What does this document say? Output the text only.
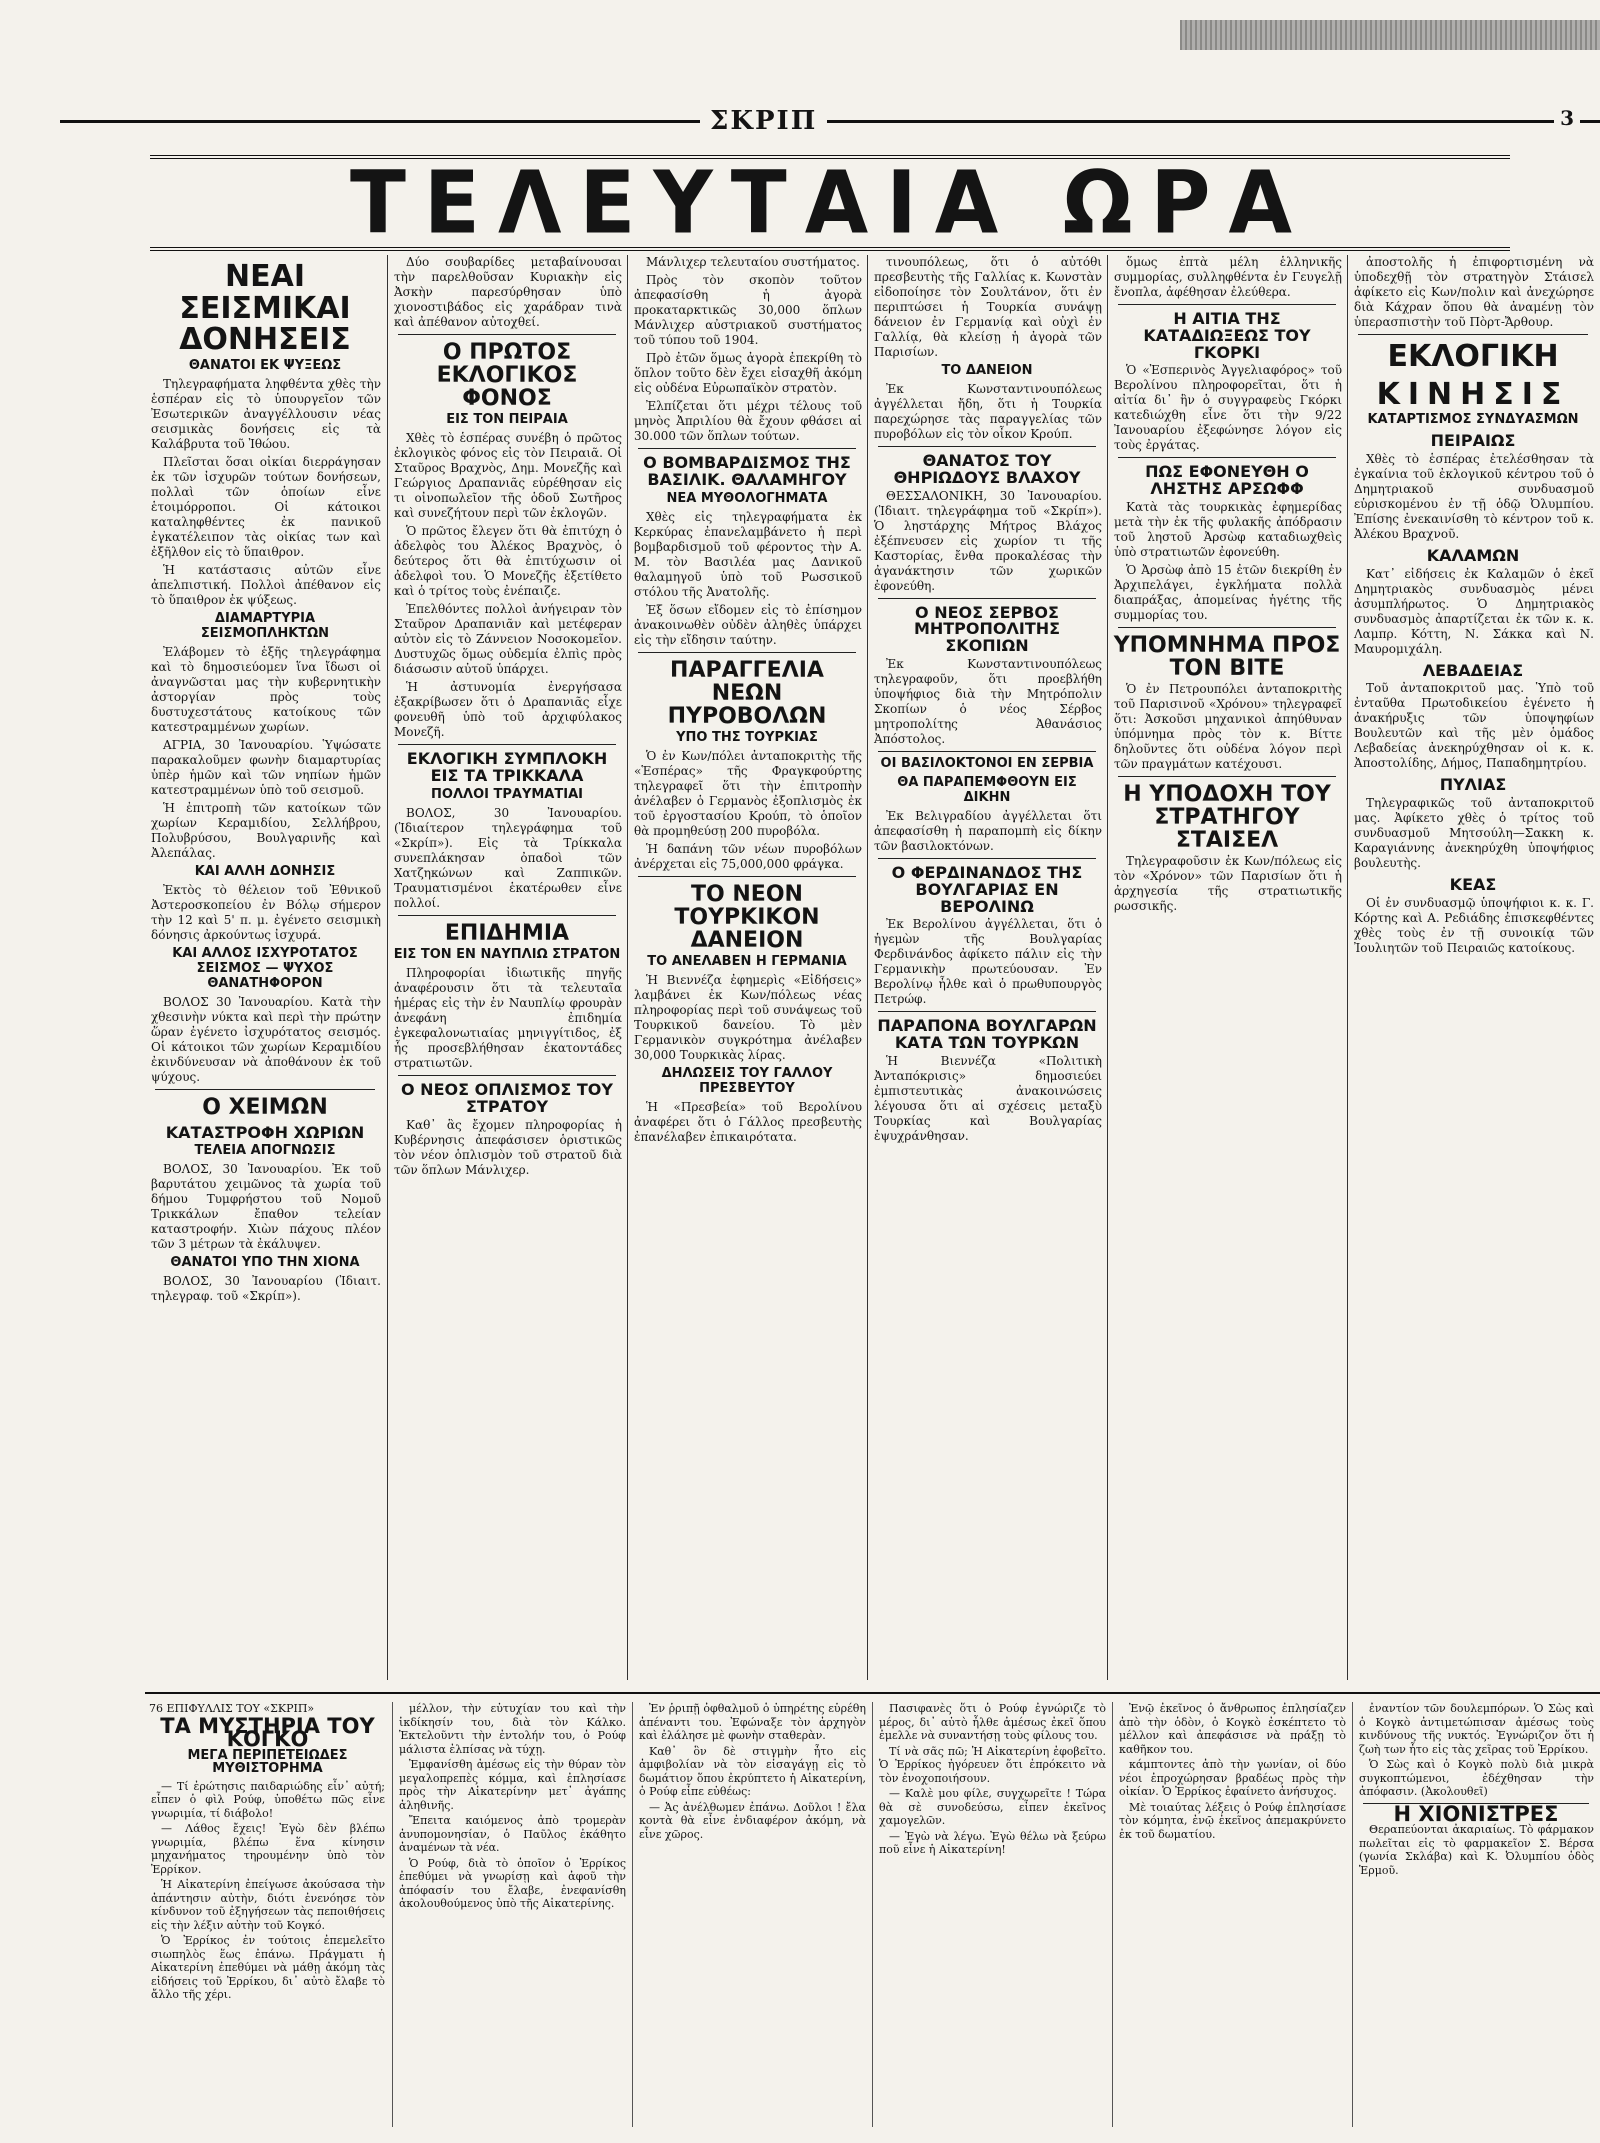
ΣΚΡΙΠ	3
ΤΕΛΕΥΤΑΙΑ ΩΡΑ
ΝΕΑΙ ΣΕΙΣΜΙΚΑΙ ΔΟΝΗΣΕΙΣ
ΘΑΝΑΤΟΙ ΕΚ ΨΥΞΕΩΣ

Τηλεγραφήματα ληφθέντα χθὲς τὴν ἑσπέραν εἰς τὸ ὑπουργεῖον τῶν Ἐσωτερικῶν ἀναγγέλλουσιν νέας σεισμικὰς δονήσεις εἰς τὰ Καλάβρυτα τοῦ Ἰθώου.

Πλεῖσται ὅσαι οἰκίαι διερράγησαν ἐκ τῶν ἰσχυρῶν τούτων δονήσεων, πολλαὶ τῶν ὁποίων εἶνε ἑτοιμόρροποι. Οἱ κάτοικοι καταληφθέντες ἐκ πανικοῦ ἐγκατέλειπον τὰς οἰκίας των καὶ ἐξῆλθον εἰς τὸ ὕπαιθρον.

Ἡ κατάστασις αὐτῶν εἶνε ἀπελπιστική. Πολλοὶ ἀπέθανον εἰς τὸ ὕπαιθρον ἐκ ψύξεως.

ΔΙΑΜΑΡΤΥΡΙΑ ΣΕΙΣΜΟΠΛΗΚΤΩΝ

Ἐλάβομεν τὸ ἑξῆς τηλεγράφημα καὶ τὸ δημοσιεύομεν ἵνα ἴδωσι οἱ ἀναγνῶσται μας τὴν κυβερνητικὴν ἀστοργίαν πρὸς τοὺς δυστυχεστάτους κατοίκους τῶν κατεστραμμένων χωρίων.

ΑΓΡΙΑ, 30 Ἰανουαρίου. Ὑψώσατε παρακαλοῦμεν φωνὴν διαμαρτυρίας ὑπὲρ ἡμῶν καὶ τῶν νηπίων ἡμῶν κατεστραμμένων ὑπὸ τοῦ σεισμοῦ.

Ἡ ἐπιτροπὴ τῶν κατοίκων τῶν χωρίων Κεραμιδίου, Σελλήβρου, Πολυβρύσου, Βουλγαρινῆς καὶ Ἀλεπάλας.

ΚΑΙ ΑΛΛΗ ΔΟΝΗΣΙΣ

Ἐκτὸς τὸ θέλειον τοῦ Ἐθνικοῦ Ἀστεροσκοπείου ἐν Βόλῳ σήμερον τὴν 12 καὶ 5' π. μ. ἐγένετο σεισμικὴ δόνησις ἀρκούντως ἰσχυρά.

ΚΑΙ ΑΛΛΟΣ ΙΣΧΥΡΟΤΑΤΟΣ ΣΕΙΣΜΟΣ — ΨΥΧΟΣ ΘΑΝΑΤΗΦΟΡΟΝ

ΒΟΛΟΣ 30 Ἰανουαρίου. Κατὰ τὴν χθεσινὴν νύκτα καὶ περὶ τὴν πρώτην ὥραν ἐγένετο ἰσχυρότατος σεισμός. Οἱ κάτοικοι τῶν χωρίων Κεραμιδίου ἐκινδύνευσαν νὰ ἀποθάνουν ἐκ τοῦ ψύχους.

Ο ΧΕΙΜΩΝ
ΚΑΤΑΣΤΡΟΦΗ ΧΩΡΙΩΝ
ΤΕΛΕΙΑ ΑΠΟΓΝΩΣΙΣ

ΒΟΛΟΣ, 30 Ἰανουαρίου. Ἐκ τοῦ βαρυτάτου χειμῶνος τὰ χωρία τοῦ δήμου Τυμφρήστου τοῦ Νομοῦ Τρικκάλων ἔπαθον τελείαν καταστροφήν. Χιὼν πάχους πλέον τῶν 3 μέτρων τὰ ἐκάλυψεν.

ΘΑΝΑΤΟΙ ΥΠΟ ΤΗΝ ΧΙΟΝΑ

ΒΟΛΟΣ, 30 Ἰανουαρίου (Ἰδιαιτ. τηλεγραφ. τοῦ «Σκρίπ»).

Δύο σουβαρίδες μεταβαίνουσαι τὴν παρελθοῦσαν Κυριακὴν εἰς Ἀσκὴν παρεσύρθησαν ὑπὸ χιονοστιβάδος εἰς χαράδραν τινὰ καὶ ἀπέθανον αὐτοχθεί.

Ο ΠΡΩΤΟΣ ΕΚΛΟΓΙΚΟΣ ΦΟΝΟΣ
ΕΙΣ ΤΟΝ ΠΕΙΡΑΙΑ

Χθὲς τὸ ἑσπέρας συνέβη ὁ πρῶτος ἐκλογικὸς φόνος εἰς τὸν Πειραιᾶ. Οἱ Σταῦρος Βραχνὸς, Δημ. Μονεζῆς καὶ Γεώργιος Δραπανιᾶς εὑρέθησαν εἰς τι οἰνοπωλεῖον τῆς ὁδοῦ Σωτῆρος καὶ συνεζήτουν περὶ τῶν ἐκλογῶν.

Ὁ πρῶτος ἔλεγεν ὅτι θὰ ἐπιτύχη ὁ ἀδελφὸς του Ἀλέκος Βραχνὸς, ὁ δεύτερος ὅτι θὰ ἐπιτύχωσιν οἱ ἀδελφοὶ του. Ὁ Μονεζῆς ἐξετίθετο καὶ ὁ τρίτος τοὺς ἐνέπαιζε.

Ἐπελθόντες πολλοὶ ἀνήγειραν τὸν Σταῦρον Δραπανιᾶν καὶ μετέφεραν αὐτὸν εἰς τὸ Ζάννειον Νοσοκομεῖον. Δυστυχῶς ὅμως οὐδεμία ἐλπὶς πρὸς διάσωσιν αὐτοῦ ὑπάρχει.

Ἡ ἀστυνομία ἐνεργήσασα ἐξακρίβωσεν ὅτι ὁ Δραπανιᾶς εἶχε φονευθῆ ὑπὸ τοῦ ἀρχιφύλακος Μονεζῆ.

ΕΚΛΟΓΙΚΗ ΣΥΜΠΛΟΚΗ ΕΙΣ ΤΑ ΤΡΙΚΚΑΛΑ
ΠΟΛΛΟΙ ΤΡΑΥΜΑΤΙΑΙ

ΒΟΛΟΣ, 30 Ἰανουαρίου. (Ἰδιαίτερον τηλεγράφημα τοῦ «Σκρίπ»). Εἰς τὰ Τρίκκαλα συνεπλάκησαν ὀπαδοὶ τῶν Χατζηκώνων καὶ Ζαππικῶν. Τραυματισμένοι ἑκατέρωθεν εἶνε πολλοί.

ΕΠΙΔΗΜΙΑ
ΕΙΣ ΤΟΝ ΕΝ ΝΑΥΠΛΙΩ ΣΤΡΑΤΟΝ

Πληροφορίαι ἰδιωτικῆς πηγῆς ἀναφέρουσιν ὅτι τὰ τελευταῖα ἡμέρας εἰς τὴν ἐν Ναυπλίῳ φρουρὰν ἀνεφάνη ἐπιδημία ἐγκεφαλονωτιαίας μηνιγγίτιδος, ἐξ ἧς προσεβλήθησαν ἑκατοντάδες στρατιωτῶν.

Ο ΝΕΟΣ ΟΠΛΙΣΜΟΣ ΤΟΥ ΣΤΡΑΤΟΥ

Καθ᾽ ἃς ἔχομεν πληροφορίας ἡ Κυβέρνησις ἀπεφάσισεν ὁριστικῶς τὸν νέον ὁπλισμὸν τοῦ στρατοῦ διὰ τῶν ὅπλων Μάνλιχερ.

Μάνλιχερ τελευταίου συστήματος.

Πρὸς τὸν σκοπὸν τοῦτον ἀπεφασίσθη ἡ ἀγορὰ προκαταρκτικῶς 30,000 ὅπλων Μάνλιχερ αὐστριακοῦ συστήματος τοῦ τύπου τοῦ 1904.

Πρὸ ἐτῶν ὅμως ἀγορὰ ἐπεκρίθη τὸ ὅπλον τοῦτο δὲν ἔχει εἰσαχθῆ ἀκόμη εἰς οὐδένα Εὐρωπαϊκὸν στρατὸν.

Ἐλπίζεται ὅτι μέχρι τέλους τοῦ μηνὸς Ἀπριλίου θὰ ἔχουν φθάσει αἱ 30.000 τῶν ὅπλων τούτων.

Ο ΒΟΜΒΑΡΔΙΣΜΟΣ ΤΗΣ ΒΑΣΙΛΙΚ. ΘΑΛΑΜΗΓΟΥ
ΝΕΑ ΜΥΘΟΛΟΓΗΜΑΤΑ

Χθὲς εἰς τηλεγραφήματα ἐκ Κερκύρας ἐπανελαμβάνετο ἡ περὶ βομβαρδισμοῦ τοῦ φέροντος τὴν Α. Μ. τὸν Βασιλέα μας Δανικοῦ θαλαμηγοῦ ὑπὸ τοῦ Ρωσσικοῦ στόλου τῆς Ἀνατολῆς.

Ἐξ ὅσων εἴδομεν εἰς τὸ ἐπίσημον ἀνακοινωθὲν οὐδὲν ἀληθὲς ὑπάρχει εἰς τὴν εἴδησιν ταύτην.

ΠΑΡΑΓΓΕΛΙΑ ΝΕΩΝ ΠΥΡΟΒΟΛΩΝ
ΥΠΟ ΤΗΣ ΤΟΥΡΚΙΑΣ

Ὁ ἐν Κων/πόλει ἀνταποκριτὴς τῆς «Ἑσπέρας» τῆς Φραγκφούρτης τηλεγραφεῖ ὅτι τὴν ἐπιτροπὴν ἀνέλαβεν ὁ Γερμανὸς ἐξοπλισμὸς ἐκ τοῦ ἐργοστασίου Κρούπ, τὸ ὁποῖον θὰ προμηθεύσῃ 200 πυροβόλα.

Ἡ δαπάνη τῶν νέων πυροβόλων ἀνέρχεται εἰς 75,000,000 φράγκα.

ΤΟ ΝΕΟΝ ΤΟΥΡΚΙΚΟΝ ΔΑΝΕΙΟΝ
ΤΟ ΑΝΕΛΑΒΕΝ Η ΓΕΡΜΑΝΙΑ

Ἡ Βιεννέζα ἐφημερὶς «Εἰδήσεις» λαμβάνει ἐκ Κων/πόλεως νέας πληροφορίας περὶ τοῦ συνάψεως τοῦ Τουρκικοῦ δανείου. Τὸ μὲν Γερμανικὸν συγκρότημα ἀνέλαβεν 30,000 Τουρκικὰς λίρας.

ΔΗΛΩΣΕΙΣ ΤΟΥ ΓΑΛΛΟΥ ΠΡΕΣΒΕΥΤΟΥ

Ἡ «Πρεσβεία» τοῦ Βερολίνου ἀναφέρει ὅτι ὁ Γάλλος πρεσβευτὴς ἐπανέλαβεν ἐπικαιρότατα.

τινουπόλεως, ὅτι ὁ αὐτόθι πρεσβευτὴς τῆς Γαλλίας κ. Κωνστὰν εἰδοποίησε τὸν Σουλτάνον, ὅτι ἐν περιπτώσει ἡ Τουρκία συνάψῃ δάνειον ἐν Γερμανίᾳ καὶ οὐχὶ ἐν Γαλλίᾳ, θὰ κλείσῃ ἡ ἀγορὰ τῶν Παρισίων.

ΤΟ ΔΑΝΕΙΟΝ

Ἐκ Κωνσταντινουπόλεως ἀγγέλλεται ἤδη, ὅτι ἡ Τουρκία παρεχώρησε τὰς παραγγελίας τῶν πυροβόλων εἰς τὸν οἶκον Κρούπ.

ΘΑΝΑΤΟΣ ΤΟΥ ΘΗΡΙΩΔΟΥΣ ΒΛΑΧΟΥ

ΘΕΣΣΑΛΟΝΙΚΗ, 30 Ἰανουαρίου. (Ἰδιαιτ. τηλεγράφημα τοῦ «Σκρίπ»). Ὁ ληστάρχης Μήτρος Βλάχος ἐξέπνευσεν εἰς χωρίον τι τῆς Καστορίας, ἔνθα προκαλέσας τὴν ἀγανάκτησιν τῶν χωρικῶν ἐφονεύθη.

Ο ΝΕΟΣ ΣΕΡΒΟΣ ΜΗΤΡΟΠΟΛΙΤΗΣ ΣΚΟΠΙΩΝ

Ἐκ Κωνσταντινουπόλεως τηλεγραφοῦν, ὅτι προεβλήθη ὑποψήφιος διὰ τὴν Μητρόπολιν Σκοπίων ὁ νέος Σέρβος μητροπολίτης Ἀθανάσιος Ἀπόστολος.

ΟΙ ΒΑΣΙΛΟΚΤΟΝΟΙ ΕΝ ΣΕΡΒΙΑ
ΘΑ ΠΑΡΑΠΕΜΦΘΟΥΝ ΕΙΣ ΔΙΚΗΝ

Ἐκ Βελιγραδίου ἀγγέλλεται ὅτι ἀπεφασίσθη ἡ παραπομπὴ εἰς δίκην τῶν βασιλοκτόνων.

Ο ΦΕΡΔΙΝΑΝΔΟΣ ΤΗΣ ΒΟΥΛΓΑΡΙΑΣ ΕΝ ΒΕΡΟΛΙΝΩ

Ἐκ Βερολίνου ἀγγέλλεται, ὅτι ὁ ἡγεμὼν τῆς Βουλγαρίας Φερδινάνδος ἀφίκετο πάλιν εἰς τὴν Γερμανικὴν πρωτεύουσαν. Ἐν Βερολίνῳ ἦλθε καὶ ὁ πρωθυπουργὸς Πετρώφ.

ΠΑΡΑΠΟΝΑ ΒΟΥΛΓΑΡΩΝ ΚΑΤΑ ΤΩΝ ΤΟΥΡΚΩΝ

Ἡ Βιεννέζα «Πολιτικὴ Ἀνταπόκρισις» δημοσιεύει ἐμπιστευτικὰς ἀνακοινώσεις λέγουσα ὅτι αἱ σχέσεις μεταξὺ Τουρκίας καὶ Βουλγαρίας ἐψυχράνθησαν.

ὅμως ἐπτὰ μέλη ἑλληνικῆς συμμορίας, συλληφθέντα ἐν Γευγελῇ ἔνοπλα, ἀφέθησαν ἐλεύθερα.

Η ΑΙΤΙΑ ΤΗΣ ΚΑΤΑΔΙΩΞΕΩΣ ΤΟΥ ΓΚΟΡΚΙ

Ὁ «Ἐσπερινὸς Ἀγγελιαφόρος» τοῦ Βερολίνου πληροφορεῖται, ὅτι ἡ αἰτία δι᾽ ἣν ὁ συγγραφεὺς Γκόρκι κατεδιώχθη εἶνε ὅτι τὴν 9/22 Ἰανουαρίου ἐξεφώνησε λόγον εἰς τοὺς ἐργάτας.

ΠΩΣ ΕΦΟΝΕΥΘΗ Ο ΛΗΣΤΗΣ ΑΡΣΩΦΦ

Κατὰ τὰς τουρκικὰς ἐφημερίδας μετὰ τὴν ἐκ τῆς φυλακῆς ἀπόδρασιν τοῦ ληστοῦ Ἀρσὼφ καταδιωχθεὶς ὑπὸ στρατιωτῶν ἐφονεύθη.

Ὁ Ἀρσὼφ ἀπὸ 15 ἐτῶν διεκρίθη ἐν Ἀρχιπελάγει, ἐγκλήματα πολλὰ διαπράξας, ἀπομείνας ἡγέτης τῆς συμμορίας του.

ΥΠΟΜΝΗΜΑ ΠΡΟΣ ΤΟΝ ΒΙΤΕ

Ὁ ἐν Πετρουπόλει ἀνταποκριτὴς τοῦ Παρισινοῦ «Χρόνου» τηλεγραφεῖ ὅτι: Ἀσκοῦσι μηχανικοὶ ἀπηύθυναν ὑπόμνημα πρὸς τὸν κ. Βίττε δηλοῦντες ὅτι οὐδένα λόγον περὶ τῶν πραγμάτων κατέχουσι.

Η ΥΠΟΔΟΧΗ ΤΟΥ ΣΤΡΑΤΗΓΟΥ ΣΤΑΙΣΕΛ

Τηλεγραφοῦσιν ἐκ Κων/πόλεως εἰς τὸν «Χρόνον» τῶν Παρισίων ὅτι ἡ ἀρχηγεσία τῆς στρατιωτικῆς ρωσσικῆς.

ἀποστολῆς ἡ ἐπιφορτισμένη νὰ ὑποδεχθῇ τὸν στρατηγὸν Στάισελ ἀφίκετο εἰς Κων/πολιν καὶ ἀνεχώρησε διὰ Κάχραν ὅπου θὰ ἀναμένῃ τὸν ὑπερασπιστὴν τοῦ Πὸρτ-Ἄρθουρ.

ΕΚΛΟΓΙΚΗ
ΚΙΝΗΣΙΣ
ΚΑΤΑΡΤΙΣΜΟΣ ΣΥΝΔΥΑΣΜΩΝ
ΠΕΙΡΑΙΩΣ

Χθὲς τὸ ἑσπέρας ἐτελέσθησαν τὰ ἐγκαίνια τοῦ ἐκλογικοῦ κέντρου τοῦ ὁ Δημητριακοῦ συνδυασμοῦ εὑρισκομένου ἐν τῇ ὁδῷ Ὀλυμπίου. Ἐπίσης ἐνεκαινίσθη τὸ κέντρον τοῦ κ. Ἀλέκου Βραχνοῦ.

ΚΑΛΑΜΩΝ

Κατ᾽ εἰδήσεις ἐκ Καλαμῶν ὁ ἐκεῖ Δημητριακὸς συνδυασμὸς μένει ἀσυμπλήρωτος. Ὁ Δημητριακὸς συνδυασμὸς ἀπαρτίζεται ἐκ τῶν κ. κ. Λαμπρ. Κόττη, Ν. Σάκκα καὶ Ν. Μαυρομιχάλη.

ΛΕΒΑΔΕΙΑΣ

Τοῦ ἀνταποκριτοῦ μας. Ὑπὸ τοῦ ἐνταῦθα Πρωτοδικείου ἐγένετο ἡ ἀνακήρυξις τῶν ὑποψηφίων Βουλευτῶν καὶ τῆς μὲν ὁμάδος Λεβαδείας ἀνεκηρύχθησαν οἱ κ. κ. Ἀποστολίδης, Δήμος, Παπαδημητρίου.

ΠΥΛΙΑΣ

Τηλεγραφικῶς τοῦ ἀνταποκριτοῦ μας. Ἀφίκετο χθὲς ὁ τρίτος τοῦ συνδυασμοῦ Μητσούλη—Σακκη κ. Καραγιάννης ἀνεκηρύχθη ὑποψήφιος βουλευτὴς.

ΚΕΑΣ

Οἱ ἐν συνδυασμῷ ὑποψήφιοι κ. κ. Γ. Κόρτης καὶ Α. Ρεδιάδης ἐπισκεφθέντες χθὲς τοὺς ἐν τῇ συνοικίᾳ τῶν Ἰουλιητῶν τοῦ Πειραιῶς κατοίκους.

76 ΕΠΙΦΥΛΛΙΣ ΤΟΥ «ΣΚΡΙΠ»
ΤΑ ΜΥΣΤΗΡΙΑ ΤΟΥ ΚΟΓΚΟ
ΜΕΓΑ ΠΕΡΙΠΕΤΕΙΩΔΕΣ ΜΥΘΙΣΤΟΡΗΜΑ

— Τί ἐρώτησις παιδαριώδης εἶν᾽ αὐτή; εἶπεν ὁ φὶλ Ρούφ, ὑποθέτω πῶς εἶνε γνωριμία, τί διάβολο!

— Λάθος ἔχεις! Ἐγὼ δὲν βλέπω γνωριμία, βλέπω ἕνα κίνησιν μηχανήματος τηρουμένην ὑπὸ τὸν Ἐρρίκον.

Ἡ Αἰκατερίνη ἐπείγωσε ἀκούσασα τὴν ἀπάντησιν αὐτὴν, διότι ἐνενόησε τὸν κίνδυνον τοῦ ἐξηγήσεων τὰς πεποιθήσεις εἰς τὴν λέξιν αὐτὴν τοῦ Κογκό.

Ὁ Ἐρρίκος ἐν τούτοις ἐπεμελεῖτο σιωπηλὸς ἕως ἐπάνω. Πράγματι ἡ Αἰκατερίνη ἐπεθύμει νὰ μάθῃ ἀκόμη τὰς εἰδήσεις τοῦ Ἐρρίκου, δι᾽ αὐτὸ ἔλαβε τὸ ἄλλο τῆς χέρι.

μέλλον, τὴν εὐτυχίαν του καὶ τὴν ἰκδίκησίν του, διὰ τὸν Κάλκο. Ἐκτελοῦντι τὴν ἐντολήν του, ὁ Ρούφ μάλιστα ἐλπίσας νὰ τύχῃ.

Ἐμφανίσθη ἀμέσως εἰς τὴν θύραν τὸν μεγαλοπρεπὲς κόμμα, καὶ ἐπλησίασε πρὸς τὴν Αἰκατερίνην μετ᾽ ἀγάπης ἀληθινῆς.

Ἔπειτα καιόμενος ἀπὸ τρομερὰν ἀνυπομονησίαν, ὁ Παῦλος ἐκάθητο ἀναμένων τὰ νέα.

Ὁ Ρούφ, διὰ τὸ ὁποῖον ὁ Ἐρρίκος ἐπεθύμει νὰ γνωρίσῃ καὶ ἀφοῦ τὴν ἀπόφασίν του ἔλαβε, ἐνεφανίσθη ἀκολουθούμενος ὑπὸ τῆς Αἰκατερίνης.

Ἐν ῥριπῇ ὀφθαλμοῦ ὁ ὑπηρέτης εὑρέθη ἀπέναντι του. Ἐφώναξε τὸν ἀρχηγὸν καὶ ἐλάλησε μὲ φωνὴν σταθερὰν.

Καθ᾽ ὃν δὲ στιγμὴν ἦτο εἰς ἀμφιβολίαν νὰ τὸν εἰσαγάγῃ εἰς τὸ δωμάτιον ὅπου ἐκρύπτετο ἡ Αἰκατερίνη, ὁ Ρούφ εἶπε εὐθέως:

— Ἀς ἀνέλθωμεν ἐπάνω. Δοῦλοι ! ἔλα κοντὰ θὰ εἶνε ἐνδιαφέρον ἀκόμη, νὰ εἶνε χῶρος.

Πασιφανὲς ὅτι ὁ Ρούφ ἐγνώριζε τὸ μέρος, δι᾽ αὐτὸ ἦλθε ἀμέσως ἐκεῖ ὅπου ἐμελλε νὰ συναντήσῃ τοὺς φίλους του.

Τί νὰ σᾶς πῶ; Ἡ Αἰκατερίνη ἐφοβεῖτο. Ὁ Ἐρρίκος ἠγόρευεν ὅτι ἐπρόκειτο νὰ τὸν ἐνοχοποιήσουν.

— Καλὲ μου φίλε, συγχωρεῖτε ! Τώρα θὰ σὲ συνοδεύσω, εἶπεν ἐκεῖνος χαμογελῶν.

— Ἐγὼ νὰ λέγω. Ἐγὼ θέλω νὰ ξεύρω ποῦ εἶνε ἡ Αἰκατερίνη!

Ἐνῷ ἐκεῖνος ὁ ἄνθρωπος ἐπλησίαζεν ἀπὸ τὴν ὁδὸν, ὁ Κογκὸ ἐσκέπτετο τὸ μέλλον καὶ ἀπεφάσισε νὰ πράξῃ τὸ καθῆκον του.

κάμπτοντες ἀπὸ τὴν γωνίαν, οἱ δύο νέοι ἐπροχώρησαν βραδέως πρὸς τὴν οἰκίαν. Ὁ Ἐρρίκος ἐφαίνετο ἀνήσυχος.

Μὲ τοιαύτας λέξεις ὁ Ρούφ ἐπλησίασε τὸν κόμητα, ἐνῷ ἐκεῖνος ἀπεμακρύνετο ἐκ τοῦ δωματίου.

ἐναντίον τῶν δουλεμπόρων. Ὁ Σὼς καὶ ὁ Κογκὸ ἀντιμετώπισαν ἀμέσως τοὺς κινδύνους τῆς νυκτός. Ἐγνώριζον ὅτι ἡ ζωὴ των ἦτο εἰς τὰς χεῖρας τοῦ Ἐρρίκου.

Ὁ Σὼς καὶ ὁ Κογκὸ πολὺ διὰ μικρὰ συγκοπτώμενοι, ἐδέχθησαν τὴν ἀπόφασιν. (Ἀκολουθεῖ)

Η ΧΙΟΝΙΣΤΡΕΣ

Θεραπεύονται ἀκαριαίως. Τὸ φάρμακον πωλεῖται εἰς τὸ φαρμακεῖον Σ. Βέρσα (γωνία Σκλάβα) καὶ Κ. Ὀλυμπίου ὁδὸς Ἑρμοῦ.
